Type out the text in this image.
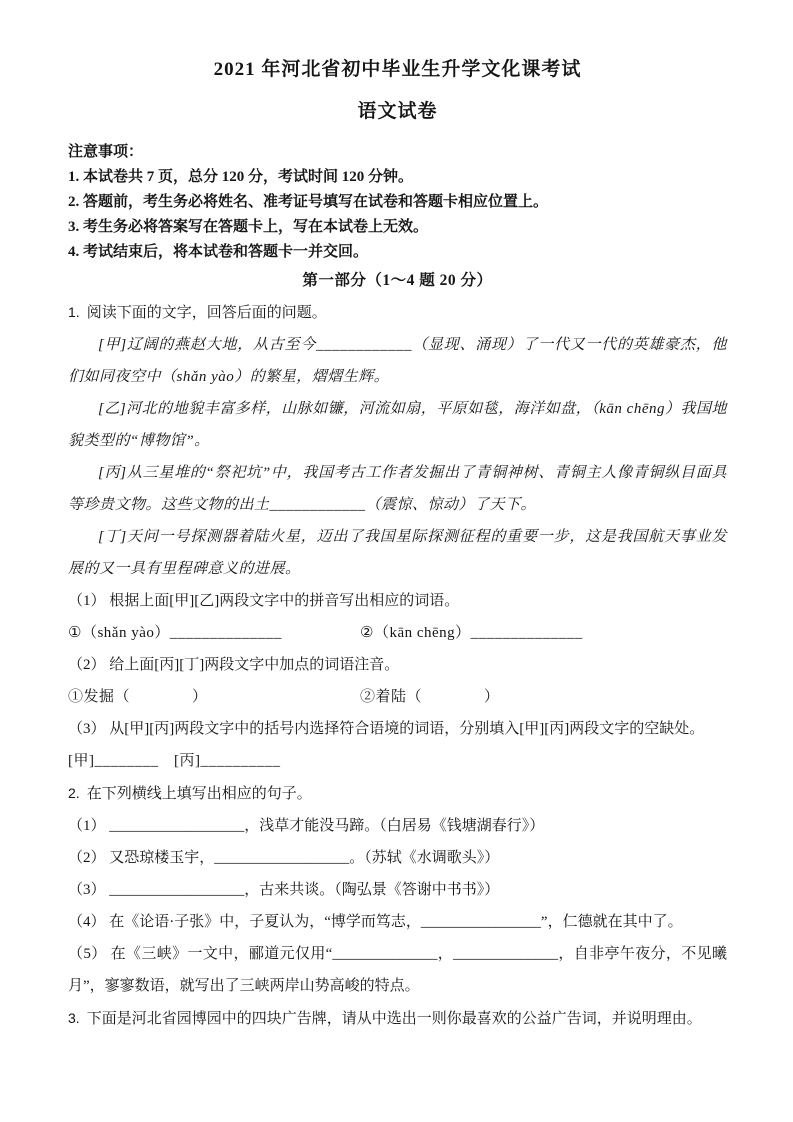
2021 年河北省初中毕业生升学文化课考试
语文试卷
注意事项：
1. 本试卷共 7 页，总分 120 分，考试时间 120 分钟。
2. 答题前，考生务必将姓名、准考证号填写在试卷和答题卡相应位置上。
3. 考生务必将答案写在答题卡上，写在本试卷上无效。
4. 考试结束后，将本试卷和答题卡一并交回。
第一部分（1～4 题 20 分）
1. 阅读下面的文字，回答后面的问题。

[甲]辽阔的燕赵大地，从古至今____________（显现、涌现）了一代又一代的英雄豪杰，他们如同夜空中（shǎn yào）的繁星，熠熠生辉。

[乙]河北的地貌丰富多样，山脉如镰，河流如扇，平原如毯，海洋如盘，（kān chēng）我国地貌类型的“博物馆”。

[丙]从三星堆的“祭祀坑”中，我国考古工作者发掘出了青铜神树、青铜主人像青铜纵目面具等珍贵文物。这些文物的出土____________（震惊、惊动）了天下。

[丁]天问一号探测器着陆火星，迈出了我国星际探测征程的重要一步，这是我国航天事业发展的又一具有里程碑意义的进展。

（1） 根据上面[甲][乙]两段文字中的拼音写出相应的词语。
①（shǎn yào）______________	②（kān chēng）______________
（2） 给上面[丙][丁]两段文字中加点的词语注音。
①发掘（　　　　）	②着陆（　　　　）
（3） 从[甲][丙]两段文字中的括号内选择符合语境的词语，分别填入[甲][丙]两段文字的空缺处。
[甲]________　[丙]__________
2. 在下列横线上填写出相应的句子。
（1） __________________，浅草才能没马蹄。（白居易《钱塘湖春行》）
（2） 又恐琼楼玉宇，__________________。（苏轼《水调歌头》）
（3） __________________，古来共谈。（陶弘景《答谢中书书》）
（4） 在《论语·子张》中，子夏认为，“博学而笃志，________________”，仁德就在其中了。
（5） 在《三峡》一文中，郦道元仅用“______________，______________，自非亭午夜分，不见曦月”，寥寥数语，就写出了三峡两岸山势高峻的特点。
3. 下面是河北省园博园中的四块广告牌，请从中选出一则你最喜欢的公益广告词，并说明理由。
